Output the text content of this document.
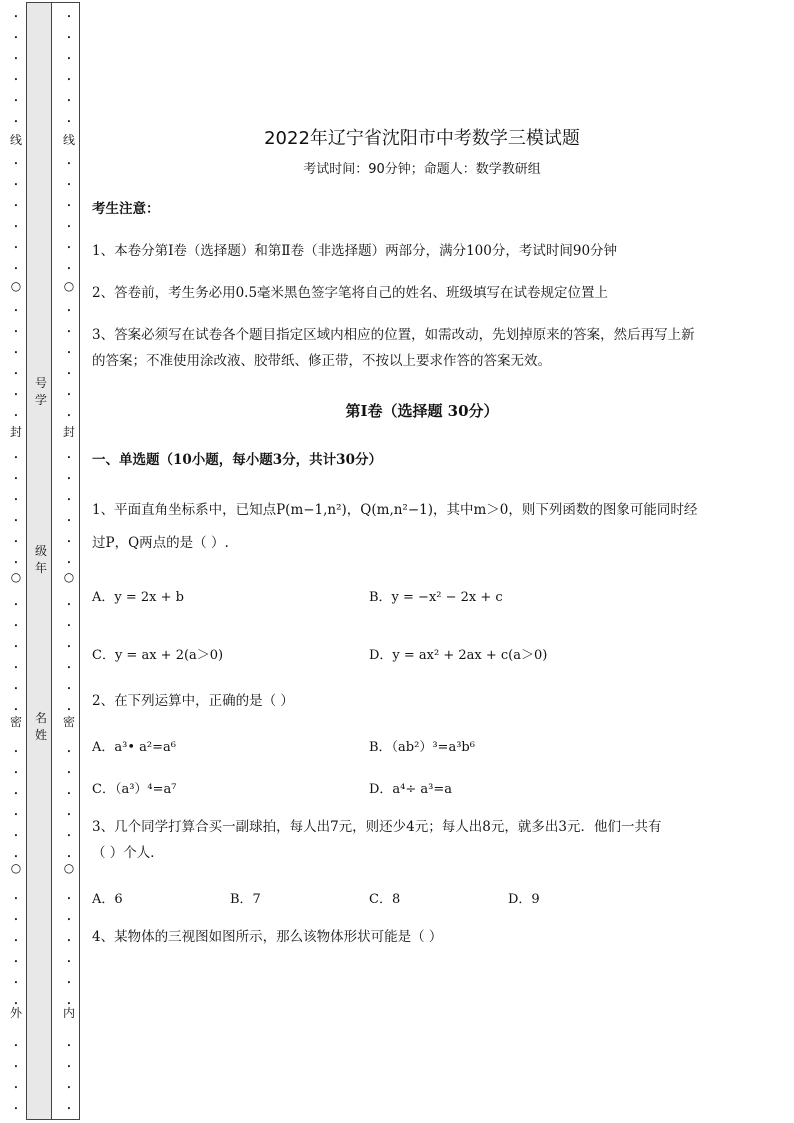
•
•
•
•
•
•
•
•
•
•
•
•
•
•
•
•
•
•
•
•
•
•
•
•
•
•
•
•
•
•
•
•
•
•
•
•
•
•
•
•
•
•
•
•
•
•
线
○
封
○
密
○
外
•
•
•
•
•
•
•
•
•
•
•
•
•
•
•
•
•
•
•
•
•
•
•
•
•
•
•
•
•
•
•
•
•
•
•
•
•
•
•
•
•
•
•
•
•
•
线
○
封
○
密
○
内
号
学
级
年
名
姓
2022年辽宁省沈阳市中考数学三模试题
考试时间：90分钟；命题人：数学教研组
考生注意：
1、本卷分第I卷（选择题）和第Ⅱ卷（非选择题）两部分，满分100分，考试时间90分钟
2、答卷前，考生务必用0.5毫米黑色签字笔将自己的姓名、班级填写在试卷规定位置上
3、答案必须写在试卷各个题目指定区域内相应的位置，如需改动，先划掉原来的答案，然后再写上新
的答案；不准使用涂改液、胶带纸、修正带，不按以上要求作答的答案无效。
第I卷（选择题 30分）
一、单选题（10小题，每小题3分，共计30分）
1、平面直角坐标系中，已知点P(m−1,n²)，Q(m,n²−1)，其中m＞0，则下列函数的图象可能同时经
过P，Q两点的是（ ）.
A．y = 2x + b	B．y = −x² − 2x + c
C．y = ax + 2(a＞0)	D．y = ax² + 2ax + c(a＞0)
2、在下列运算中，正确的是（ ）
A．a³• a²=a⁶	B．（ab²）³=a³b⁶
C．（a³）⁴=a⁷	D．a⁴÷ a³=a
3、几个同学打算合买一副球拍，每人出7元，则还少4元；每人出8元，就多出3元．他们一共有
（ ）个人．
A．6	B．7	C．8	D．9
4、某物体的三视图如图所示，那么该物体形状可能是（ ）
